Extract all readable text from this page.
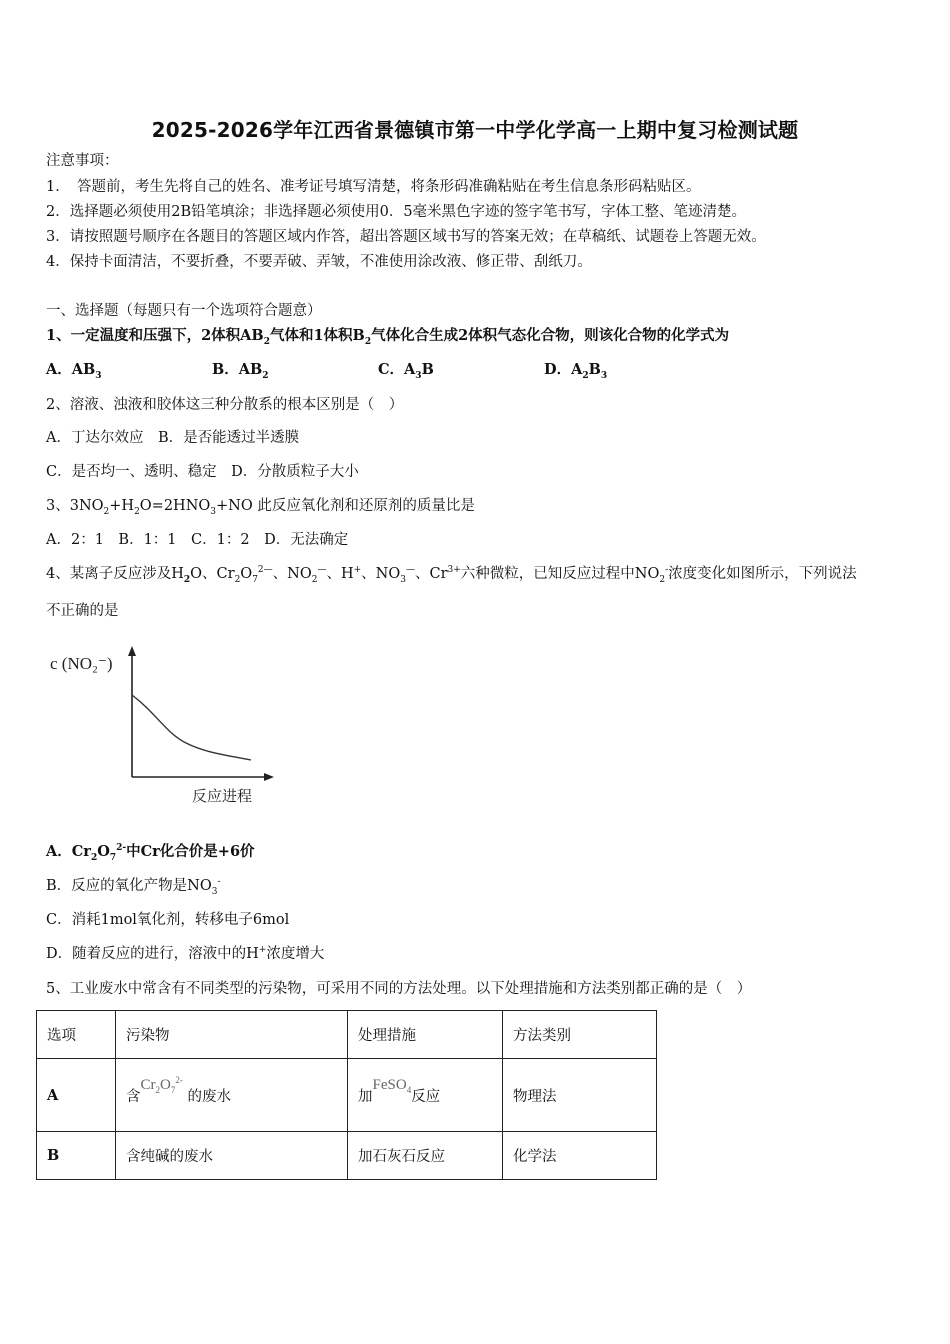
2025-2026学年江西省景德镇市第一中学化学高一上期中复习检测试题
注意事项：
1．　答题前，考生先将自己的姓名、准考证号填写清楚，将条形码准确粘贴在考生信息条形码粘贴区。
2．选择题必须使用2B铅笔填涂；非选择题必须使用0．5毫米黑色字迹的签字笔书写，字体工整、笔迹清楚。
3．请按照题号顺序在各题目的答题区域内作答，超出答题区域书写的答案无效；在草稿纸、试题卷上答题无效。
4．保持卡面清洁，不要折叠，不要弄破、弄皱，不准使用涂改液、修正带、刮纸刀。
一、选择题（每题只有一个选项符合题意）
1、一定温度和压强下，2体积$AB_2$气体和1体积$B_2$气体化合生成2体积气态化合物，则该化合物的化学式为
A．$AB_3$	B．$AB_2$	C．$A_3B$	D．$A_2B_3$
2、溶液、浊液和胶体这三种分散系的根本区别是（　）
A．丁达尔效应　B．是否能透过半透膜
C．是否均一、透明、稳定　D．分散质粒子大小
3、$3NO_2+H_2O=2HNO_3+NO$ 此反应氧化剂和还原剂的质量比是
A．2：1　B．1：1　C．1：2　D．无法确定
4、某离子反应涉及$H_2O$、$Cr_2O_7^{2—}$、$NO_2^—$、H+、$NO_3^—$、$Cr^{3+}$六种微粒，已知反应过程中$NO_2^-$浓度变化如图所示，下列说法
不正确的是
c (NO₂⁻)
反应进程
A．$Cr_2O_7^{2-}$中Cr化合价是+6价
B．反应的氧化产物是$NO_3^-$
C．消耗1mol氧化剂，转移电子6mol
D．随着反应的进行，溶液中的H+浓度增大
5、工业废水中常含有不同类型的污染物，可采用不同的方法处理。以下处理措施和方法类别都正确的是（　）
选项	污染物	处理措施	方法类别
A	含$Cr_2O_7^{2-}$ 的废水	加FeSO$_4$反应	物理法
B	含纯碱的废水	加石灰石反应	化学法
